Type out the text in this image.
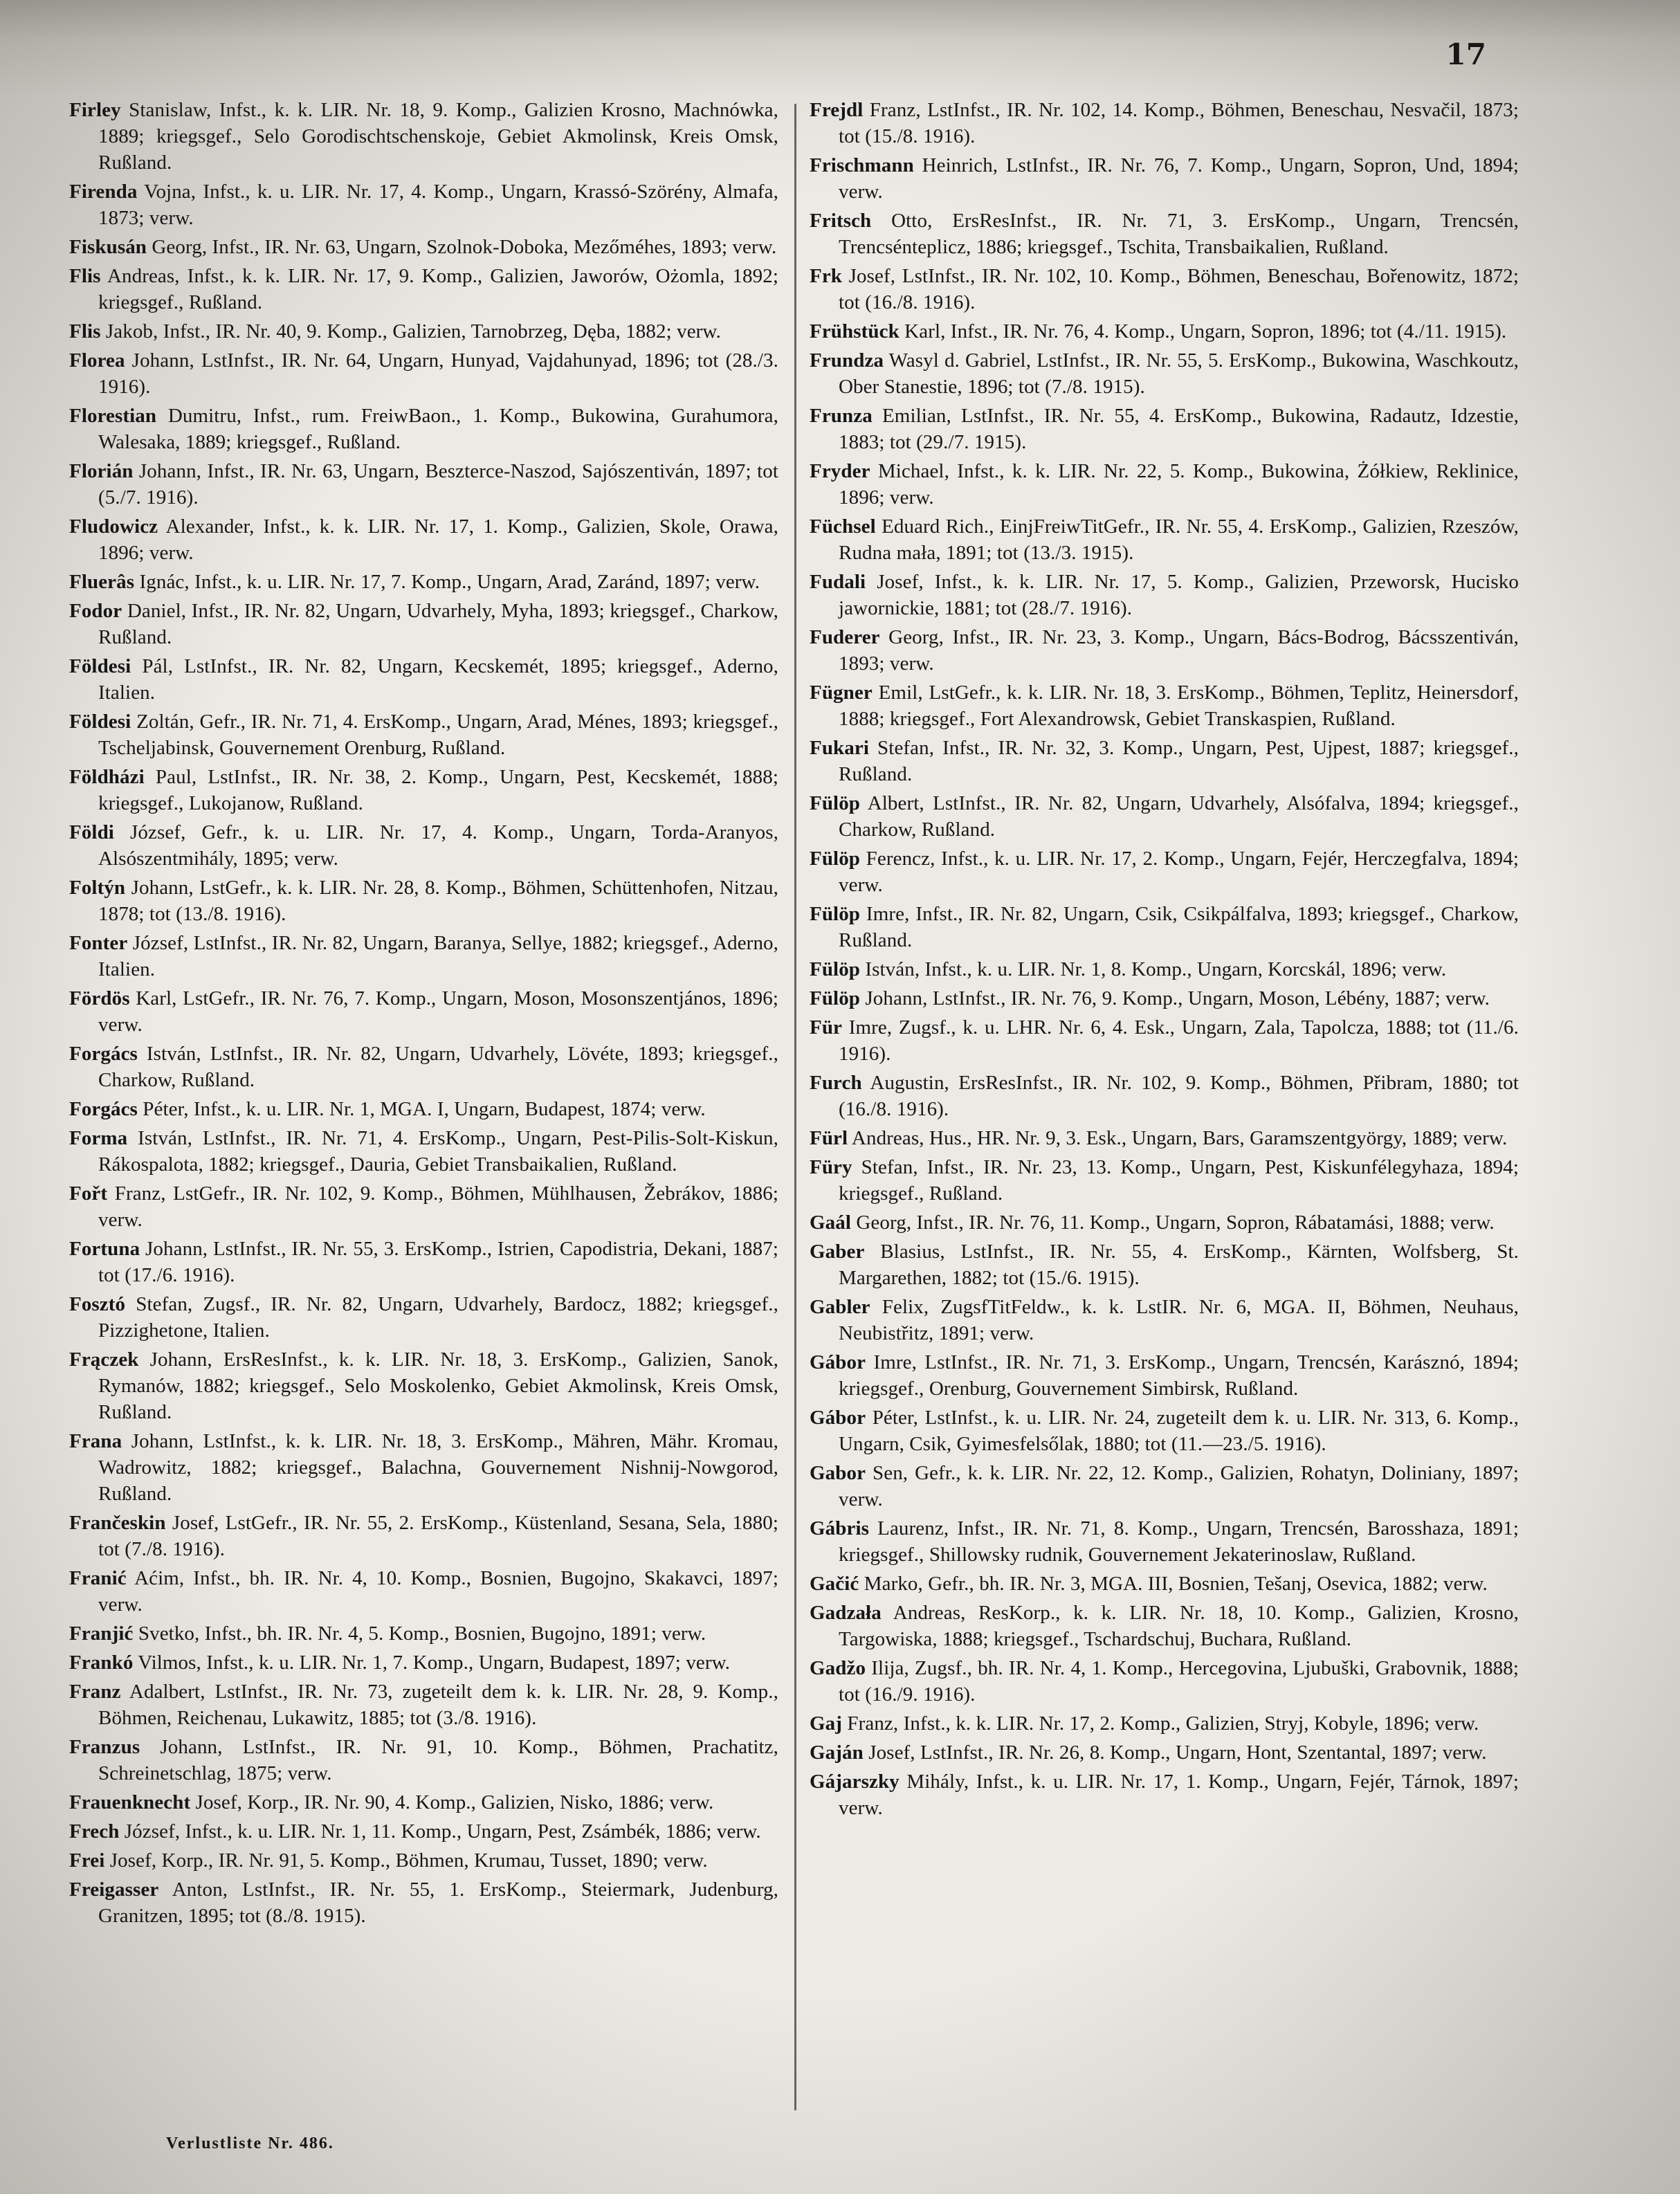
17

Firley Stanislaw, Infst., k. k. LIR. Nr. 18, 9. Komp., Galizien Krosno, Machnówka, 1889; kriegsgef., Selo Gorodischtschenskoje, Gebiet Akmolinsk, Kreis Omsk, Rußland.

Firenda Vojna, Infst., k. u. LIR. Nr. 17, 4. Komp., Ungarn, Krassó-Szörény, Almafa, 1873; verw.

Fiskusán Georg, Infst., IR. Nr. 63, Ungarn, Szolnok-Doboka, Mezőméhes, 1893; verw.

Flis Andreas, Infst., k. k. LIR. Nr. 17, 9. Komp., Galizien, Jaworów, Ożomla, 1892; kriegsgef., Rußland.

Flis Jakob, Infst., IR. Nr. 40, 9. Komp., Galizien, Tarnobrzeg, Dęba, 1882; verw.

Florea Johann, LstInfst., IR. Nr. 64, Ungarn, Hunyad, Vajdahunyad, 1896; tot (28./3. 1916).

Florestian Dumitru, Infst., rum. FreiwBaon., 1. Komp., Bukowina, Gurahumora, Walesaka, 1889; kriegsgef., Rußland.

Florián Johann, Infst., IR. Nr. 63, Ungarn, Beszterce-Naszod, Sajószentiván, 1897; tot (5./7. 1916).

Fludowicz Alexander, Infst., k. k. LIR. Nr. 17, 1. Komp., Galizien, Skole, Orawa, 1896; verw.

Fluerâs Ignác, Infst., k. u. LIR. Nr. 17, 7. Komp., Ungarn, Arad, Zaránd, 1897; verw.

Fodor Daniel, Infst., IR. Nr. 82, Ungarn, Udvarhely, Myha, 1893; kriegsgef., Charkow, Rußland.

Földesi Pál, LstInfst., IR. Nr. 82, Ungarn, Kecskemét, 1895; kriegsgef., Aderno, Italien.

Földesi Zoltán, Gefr., IR. Nr. 71, 4. ErsKomp., Ungarn, Arad, Ménes, 1893; kriegsgef., Tscheljabinsk, Gouvernement Orenburg, Rußland.

Földházi Paul, LstInfst., IR. Nr. 38, 2. Komp., Ungarn, Pest, Kecskemét, 1888; kriegsgef., Lukojanow, Rußland.

Földi József, Gefr., k. u. LIR. Nr. 17, 4. Komp., Ungarn, Torda-Aranyos, Alsószentmihály, 1895; verw.

Foltýn Johann, LstGefr., k. k. LIR. Nr. 28, 8. Komp., Böhmen, Schüttenhofen, Nitzau, 1878; tot (13./8. 1916).

Fonter József, LstInfst., IR. Nr. 82, Ungarn, Baranya, Sellye, 1882; kriegsgef., Aderno, Italien.

Fördös Karl, LstGefr., IR. Nr. 76, 7. Komp., Ungarn, Moson, Mosonszentjános, 1896; verw.

Forgács István, LstInfst., IR. Nr. 82, Ungarn, Udvarhely, Lövéte, 1893; kriegsgef., Charkow, Rußland.

Forgács Péter, Infst., k. u. LIR. Nr. 1, MGA. I, Ungarn, Budapest, 1874; verw.

Forma István, LstInfst., IR. Nr. 71, 4. ErsKomp., Ungarn, Pest-Pilis-Solt-Kiskun, Rákospalota, 1882; kriegsgef., Dauria, Gebiet Transbaikalien, Rußland.

Fořt Franz, LstGefr., IR. Nr. 102, 9. Komp., Böhmen, Mühlhausen, Žebrákov, 1886; verw.

Fortuna Johann, LstInfst., IR. Nr. 55, 3. ErsKomp., Istrien, Capodistria, Dekani, 1887; tot (17./6. 1916).

Fosztó Stefan, Zugsf., IR. Nr. 82, Ungarn, Udvarhely, Bardocz, 1882; kriegsgef., Pizzighetone, Italien.

Frączek Johann, ErsResInfst., k. k. LIR. Nr. 18, 3. ErsKomp., Galizien, Sanok, Rymanów, 1882; kriegsgef., Selo Moskolenko, Gebiet Akmolinsk, Kreis Omsk, Rußland.

Frana Johann, LstInfst., k. k. LIR. Nr. 18, 3. ErsKomp., Mähren, Mähr. Kromau, Wadrowitz, 1882; kriegsgef., Balachna, Gouvernement Nishnij-Nowgorod, Rußland.

Frančeskin Josef, LstGefr., IR. Nr. 55, 2. ErsKomp., Küstenland, Sesana, Sela, 1880; tot (7./8. 1916).

Franić Aćim, Infst., bh. IR. Nr. 4, 10. Komp., Bosnien, Bugojno, Skakavci, 1897; verw.

Franjić Svetko, Infst., bh. IR. Nr. 4, 5. Komp., Bosnien, Bugojno, 1891; verw.

Frankó Vilmos, Infst., k. u. LIR. Nr. 1, 7. Komp., Ungarn, Budapest, 1897; verw.

Franz Adalbert, LstInfst., IR. Nr. 73, zugeteilt dem k. k. LIR. Nr. 28, 9. Komp., Böhmen, Reichenau, Lukawitz, 1885; tot (3./8. 1916).

Franzus Johann, LstInfst., IR. Nr. 91, 10. Komp., Böhmen, Prachatitz, Schreinetschlag, 1875; verw.

Frauenknecht Josef, Korp., IR. Nr. 90, 4. Komp., Galizien, Nisko, 1886; verw.

Frech József, Infst., k. u. LIR. Nr. 1, 11. Komp., Ungarn, Pest, Zsámbék, 1886; verw.

Frei Josef, Korp., IR. Nr. 91, 5. Komp., Böhmen, Krumau, Tusset, 1890; verw.

Freigasser Anton, LstInfst., IR. Nr. 55, 1. ErsKomp., Steiermark, Judenburg, Granitzen, 1895; tot (8./8. 1915).

Frejdl Franz, LstInfst., IR. Nr. 102, 14. Komp., Böhmen, Beneschau, Nesvačil, 1873; tot (15./8. 1916).

Frischmann Heinrich, LstInfst., IR. Nr. 76, 7. Komp., Ungarn, Sopron, Und, 1894; verw.

Fritsch Otto, ErsResInfst., IR. Nr. 71, 3. ErsKomp., Ungarn, Trencsén, Trencsénteplicz, 1886; kriegsgef., Tschita, Transbaikalien, Rußland.

Frk Josef, LstInfst., IR. Nr. 102, 10. Komp., Böhmen, Beneschau, Bořenowitz, 1872; tot (16./8. 1916).

Frühstück Karl, Infst., IR. Nr. 76, 4. Komp., Ungarn, Sopron, 1896; tot (4./11. 1915).

Frundza Wasyl d. Gabriel, LstInfst., IR. Nr. 55, 5. ErsKomp., Bukowina, Waschkoutz, Ober Stanestie, 1896; tot (7./8. 1915).

Frunza Emilian, LstInfst., IR. Nr. 55, 4. ErsKomp., Bukowina, Radautz, Idzestie, 1883; tot (29./7. 1915).

Fryder Michael, Infst., k. k. LIR. Nr. 22, 5. Komp., Bukowina, Żółkiew, Reklinice, 1896; verw.

Füchsel Eduard Rich., EinjFreiwTitGefr., IR. Nr. 55, 4. ErsKomp., Galizien, Rzeszów, Rudna mała, 1891; tot (13./3. 1915).

Fudali Josef, Infst., k. k. LIR. Nr. 17, 5. Komp., Galizien, Przeworsk, Hucisko jawornickie, 1881; tot (28./7. 1916).

Fuderer Georg, Infst., IR. Nr. 23, 3. Komp., Ungarn, Bács-Bodrog, Bácsszentiván, 1893; verw.

Fügner Emil, LstGefr., k. k. LIR. Nr. 18, 3. ErsKomp., Böhmen, Teplitz, Heinersdorf, 1888; kriegsgef., Fort Alexandrowsk, Gebiet Transkaspien, Rußland.

Fukari Stefan, Infst., IR. Nr. 32, 3. Komp., Ungarn, Pest, Ujpest, 1887; kriegsgef., Rußland.

Fülöp Albert, LstInfst., IR. Nr. 82, Ungarn, Udvarhely, Alsófalva, 1894; kriegsgef., Charkow, Rußland.

Fülöp Ferencz, Infst., k. u. LIR. Nr. 17, 2. Komp., Ungarn, Fejér, Herczegfalva, 1894; verw.

Fülöp Imre, Infst., IR. Nr. 82, Ungarn, Csik, Csikpálfalva, 1893; kriegsgef., Charkow, Rußland.

Fülöp István, Infst., k. u. LIR. Nr. 1, 8. Komp., Ungarn, Korcskál, 1896; verw.

Fülöp Johann, LstInfst., IR. Nr. 76, 9. Komp., Ungarn, Moson, Lébény, 1887; verw.

Für Imre, Zugsf., k. u. LHR. Nr. 6, 4. Esk., Ungarn, Zala, Tapolcza, 1888; tot (11./6. 1916).

Furch Augustin, ErsResInfst., IR. Nr. 102, 9. Komp., Böhmen, Přibram, 1880; tot (16./8. 1916).

Fürl Andreas, Hus., HR. Nr. 9, 3. Esk., Ungarn, Bars, Garamszentgyörgy, 1889; verw.

Füry Stefan, Infst., IR. Nr. 23, 13. Komp., Ungarn, Pest, Kiskunfélegyhaza, 1894; kriegsgef., Rußland.

Gaál Georg, Infst., IR. Nr. 76, 11. Komp., Ungarn, Sopron, Rábatamási, 1888; verw.

Gaber Blasius, LstInfst., IR. Nr. 55, 4. ErsKomp., Kärnten, Wolfsberg, St. Margarethen, 1882; tot (15./6. 1915).

Gabler Felix, ZugsfTitFeldw., k. k. LstIR. Nr. 6, MGA. II, Böhmen, Neuhaus, Neubistřitz, 1891; verw.

Gábor Imre, LstInfst., IR. Nr. 71, 3. ErsKomp., Ungarn, Trencsén, Karásznó, 1894; kriegsgef., Orenburg, Gouvernement Simbirsk, Rußland.

Gábor Péter, LstInfst., k. u. LIR. Nr. 24, zugeteilt dem k. u. LIR. Nr. 313, 6. Komp., Ungarn, Csik, Gyimesfelsőlak, 1880; tot (11.—23./5. 1916).

Gabor Sen, Gefr., k. k. LIR. Nr. 22, 12. Komp., Galizien, Rohatyn, Doliniany, 1897; verw.

Gábris Laurenz, Infst., IR. Nr. 71, 8. Komp., Ungarn, Trencsén, Barosshaza, 1891; kriegsgef., Shillowsky rudnik, Gouvernement Jekaterinoslaw, Rußland.

Gačić Marko, Gefr., bh. IR. Nr. 3, MGA. III, Bosnien, Tešanj, Osevica, 1882; verw.

Gadzała Andreas, ResKorp., k. k. LIR. Nr. 18, 10. Komp., Galizien, Krosno, Targowiska, 1888; kriegsgef., Tschardschuj, Buchara, Rußland.

Gadžo Ilija, Zugsf., bh. IR. Nr. 4, 1. Komp., Hercegovina, Ljubuški, Grabovnik, 1888; tot (16./9. 1916).

Gaj Franz, Infst., k. k. LIR. Nr. 17, 2. Komp., Galizien, Stryj, Kobyle, 1896; verw.

Gaján Josef, LstInfst., IR. Nr. 26, 8. Komp., Ungarn, Hont, Szentantal, 1897; verw.

Gájarszky Mihály, Infst., k. u. LIR. Nr. 17, 1. Komp., Ungarn, Fejér, Tárnok, 1897; verw.

Verlustliste Nr. 486.
